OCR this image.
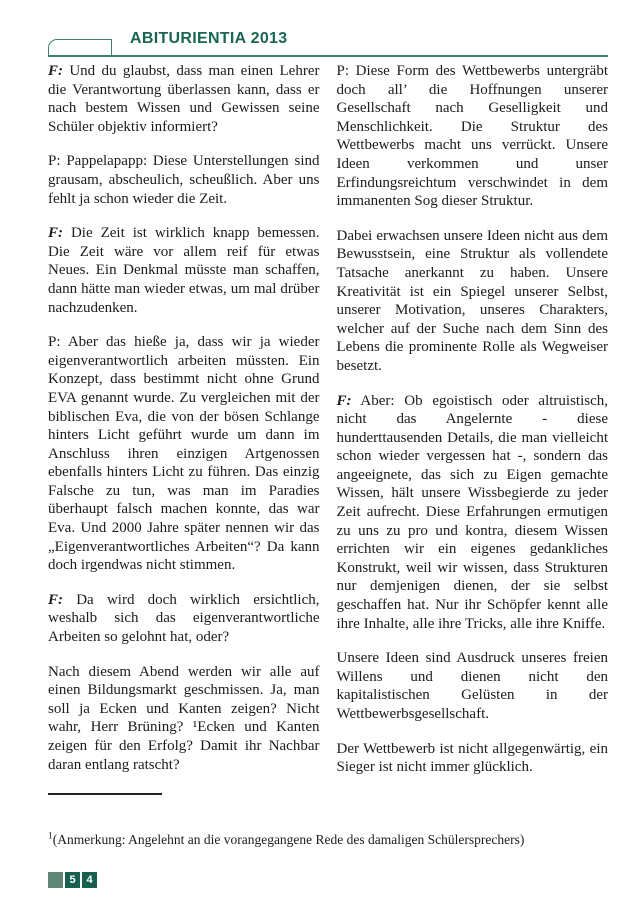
ABITURIENTIA 2013

F: Und du glaubst, dass man einen Lehrer die Verantwortung überlassen kann, dass er nach bestem Wissen und Gewissen seine Schüler objektiv informiert?

P: Pappelapapp: Diese Unterstellungen sind grausam, abscheulich, scheußlich. Aber uns fehlt ja schon wieder die Zeit.

F: Die Zeit ist wirklich knapp bemessen. Die Zeit wäre vor allem reif für etwas Neues. Ein Denkmal müsste man schaffen, dann hätte man wieder etwas, um mal drüber nachzudenken.

P: Aber das hieße ja, dass wir ja wieder eigenverantwortlich arbeiten müssten. Ein Konzept, dass bestimmt nicht ohne Grund EVA genannt wurde. Zu vergleichen mit der biblischen Eva, die von der bösen Schlange hinters Licht geführt wurde um dann im Anschluss ihren einzigen Artgenossen ebenfalls hinters Licht zu führen. Das einzig Falsche zu tun, was man im Paradies überhaupt falsch machen konnte, das war Eva. Und 2000 Jahre später nennen wir das „Eigenverantwortliches Arbeiten“? Da kann doch irgendwas nicht stimmen.

F: Da wird doch wirklich ersichtlich, weshalb sich das eigenverantwortliche Arbeiten so gelohnt hat, oder?

Nach diesem Abend werden wir alle auf einen Bildungsmarkt geschmissen. Ja, man soll ja Ecken und Kanten zeigen? Nicht wahr, Herr Brüning? ¹Ecken und Kanten zeigen für den Erfolg? Damit ihr Nachbar daran entlang ratscht?

P: Diese Form des Wettbewerbs untergräbt doch all’ die Hoffnungen unserer Gesellschaft nach Geselligkeit und Menschlichkeit. Die Struktur des Wettbewerbs macht uns verrückt. Unsere Ideen verkommen und unser Erfindungsreichtum verschwindet in dem immanenten Sog dieser Struktur.

Dabei erwachsen unsere Ideen nicht aus dem Bewusstsein, eine Struktur als vollendete Tatsache anerkannt zu haben. Unsere Kreativität ist ein Spiegel unserer Selbst, unserer Motivation, unseres Charakters, welcher auf der Suche nach dem Sinn des Lebens die prominente Rolle als Wegweiser besetzt.

F: Aber: Ob egoistisch oder altruistisch, nicht das Angelernte - diese hunderttausenden Details, die man vielleicht schon wieder vergessen hat -, sondern das angeeignete, das sich zu Eigen gemachte Wissen, hält unsere Wissbegierde zu jeder Zeit aufrecht. Diese Erfahrungen ermutigen zu uns zu pro und kontra, diesem Wissen errichten wir ein eigenes gedankliches Konstrukt, weil wir wissen, dass Strukturen nur demjenigen dienen, der sie selbst geschaffen hat. Nur ihr Schöpfer kennt alle ihre Inhalte, alle ihre Tricks, alle ihre Kniffe.

Unsere Ideen sind Ausdruck unseres freien Willens und dienen nicht den kapitalistischen Gelüsten in der Wettbewerbsgesellschaft.

Der Wettbewerb ist nicht allgegenwärtig, ein Sieger ist nicht immer glücklich.

$^1$(Anmerkung: Angelehnt an die vorangegangene Rede des damaligen Schülersprechers)
5 4
